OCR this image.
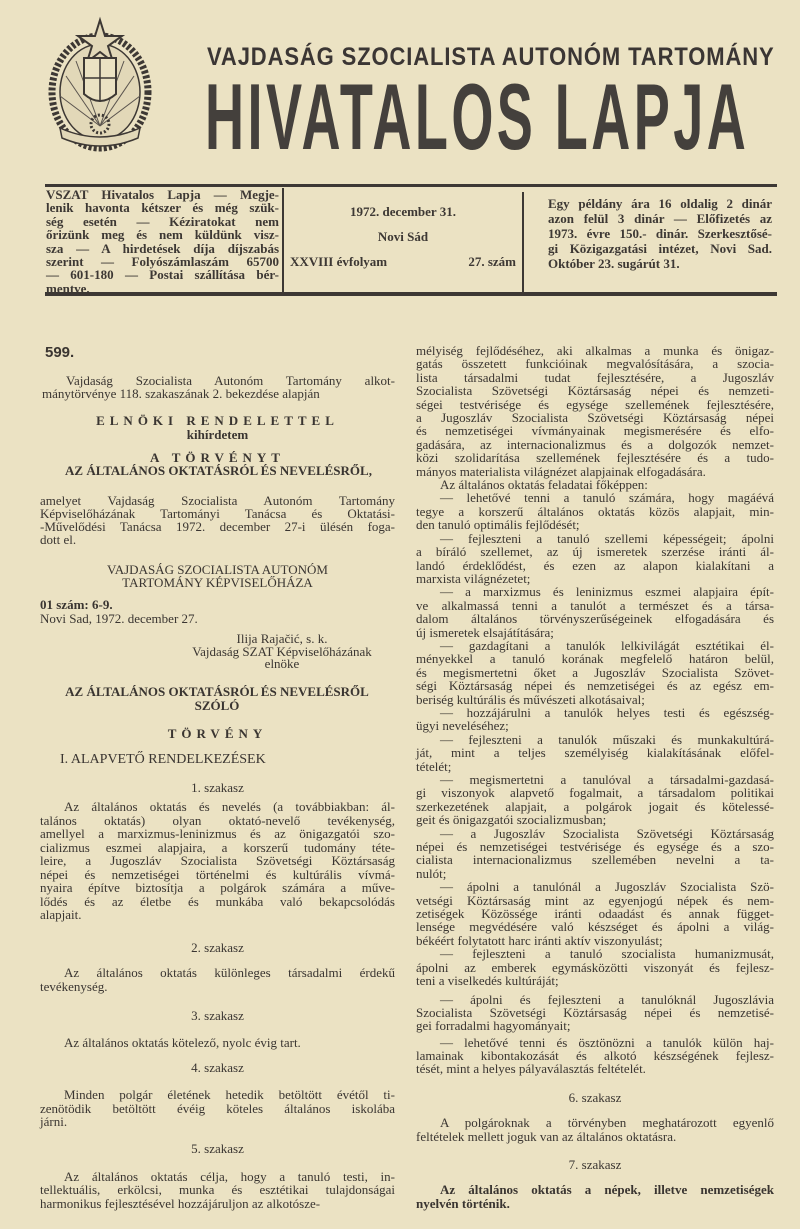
VAJDASÁG SZOCIALISTA AUTONÓM TARTOMÁNY
HIVATALOS LAPJA
VSZAT Hivatalos Lapja — Megje-
lenik havonta kétszer és még szük-
ség esetén — Kéziratokat nem
őrizünk meg és nem küldünk visz-
sza — A hirdetések díja díjszabás
szerint — Folyószámlaszám 65700
— 601-180 — Postai szállítása bér-
mentve.
1972. december 31.
Novi Sád
XXVIII évfolyam	27. szám
Egy példány ára 16 oldalig 2 dinár
azon felül 3 dinár — Előfizetés az
1973. évre 150.- dinár. Szerkesztősé-
gi Közigazgatási intézet, Novi Sad.
Október 23. sugárút 31.
599.
Vajdaság Szocialista Autonóm Tartomány alkot-
mánytörvénye 118. szakaszának 2. bekezdése alapján
ELNÖKI RENDELETTEL
kihírdetem
A TÖRVÉNYT
AZ ÁLTALÁNOS OKTATÁSRÓL ÉS NEVELÉSRŐL,
amelyet Vajdaság Szocialista Autonóm Tartomány
Képviselőházának Tartományi Tanácsa és Oktatási-
-Művelődési Tanácsa 1972. december 27-i ülésén foga-
dott el.
VAJDASÁG SZOCIALISTA AUTONÓM
TARTOMÁNY KÉPVISELŐHÁZA
01 szám: 6-9.
Novi Sad, 1972. december 27.
Ilija Rajačić, s. k.
Vajdaság SZAT Képviselőházának
elnöke
AZ ÁLTALÁNOS OKTATÁSRÓL ÉS NEVELÉSRŐL
SZÓLÓ
TÖRVÉNY
I. ALAPVETŐ RENDELKEZÉSEK
1. szakasz
Az általános oktatás és nevelés (a továbbiakban: ál-
talános oktatás) olyan oktató-nevelő tevékenység,
amellyel a marxizmus-leninizmus és az önigazgatói szo-
cializmus eszmei alapjaira, a korszerű tudomány téte-
leire, a Jugoszláv Szocialista Szövetségi Köztársaság
népei és nemzetiségei történelmi és kultúrális vívmá-
nyaira építve biztosítja a polgárok számára a műve-
lődés és az életbe és munkába való bekapcsolódás
alapjait.
2. szakasz
Az általános oktatás különleges társadalmi érdekű
tevékenység.
3. szakasz
Az általános oktatás kötelező, nyolc évig tart.
4. szakasz
Minden polgár életének hetedik betöltött évétől ti-
zenötödik betöltött évéig köteles általános iskolába
járni.
5. szakasz
Az általános oktatás célja, hogy a tanuló testi, in-
tellektuális, erkölcsi, munka és esztétikai tulajdonságai
harmonikus fejlesztésével hozzájáruljon az alkotósze-
mélyiség fejlődéséhez, aki alkalmas a munka és önigaz-
gatás összetett funkcióinak megvalósítására, a szocia-
lista társadalmi tudat fejlesztésére, a Jugoszláv
Szocialista Szövetségi Köztársaság népei és nemzeti-
ségei testvérisége és egysége szellemének fejlesztésére,
a Jugoszláv Szocialista Szövetségi Köztársaság népei
és nemzetiségei vívmányainak megismerésére és elfo-
gadására, az internacionalizmus és a dolgozók nemzet-
közi szolidarítása szellemének fejlesztésére és a tudo-
mányos materialista világnézet alapjainak elfogadására.
Az általános oktatás feladatai főképpen:
— lehetővé tenni a tanuló számára, hogy magáévá
tegye a korszerű általános oktatás közös alapjait, min-
den tanuló optimális fejlődését;
— fejleszteni a tanuló szellemi képességeit; ápolni
a bíráló szellemet, az új ismeretek szerzése iránti ál-
landó érdeklődést, és ezen az alapon kialakítani a
marxista világnézetet;
— a marxizmus és leninizmus eszmei alapjaira épít-
ve alkalmassá tenni a tanulót a természet és a társa-
dalom általános törvényszerűségeinek elfogadására és
új ismeretek elsajátítására;
— gazdagítani a tanulók lelkivilágát esztétikai él-
ményekkel a tanuló korának megfelelő határon belül,
és megismertetni őket a Jugoszláv Szocialista Szövet-
ségi Köztársaság népei és nemzetiségei és az egész em-
beriség kultúrális és művészeti alkotásaival;
— hozzájárulni a tanulók helyes testi és egészség-
ügyi neveléséhez;
— fejleszteni a tanulók műszaki és munkakultúrá-
ját, mint a teljes személyiség kialakításának előfel-
tételét;
— megismertetni a tanulóval a társadalmi-gazdasá-
gi viszonyok alapvető fogalmait, a társadalom politikai
szerkezetének alapjait, a polgárok jogait és kötelessé-
geit és önigazgatói szocializmusban;
— a Jugoszláv Szocialista Szövetségi Köztársaság
népei és nemzetiségei testvérisége és egysége és a szo-
cialista internacionalizmus szellemében nevelni a ta-
nulót;
— ápolni a tanulónál a Jugoszláv Szocialista Szö-
vetségi Köztársaság mint az egyenjogú népek és nem-
zetiségek Közössége iránti odaadást és annak függet-
lensége megvédésére való készséget és ápolni a világ-
békéért folytatott harc iránti aktív viszonyulást;
— fejleszteni a tanuló szocialista humanizmusát,
ápolni az emberek egymásközötti viszonyát és fejlesz-
teni a viselkedés kultúráját;
— ápolni és fejleszteni a tanulóknál Jugoszlávia
Szocialista Szövetségi Köztársaság népei és nemzetisé-
gei forradalmi hagyományait;
— lehetővé tenni és ösztönözni a tanulók külön haj-
lamainak kibontakozását és alkotó készségének fejlesz-
tését, mint a helyes pályaválasztás feltételét.
6. szakasz
A polgároknak a törvényben meghatározott egyenlő
feltételek mellett joguk van az általános oktatásra.
7. szakasz
Az általános oktatás a népek, illetve nemzetiségek
nyelvén történik.
